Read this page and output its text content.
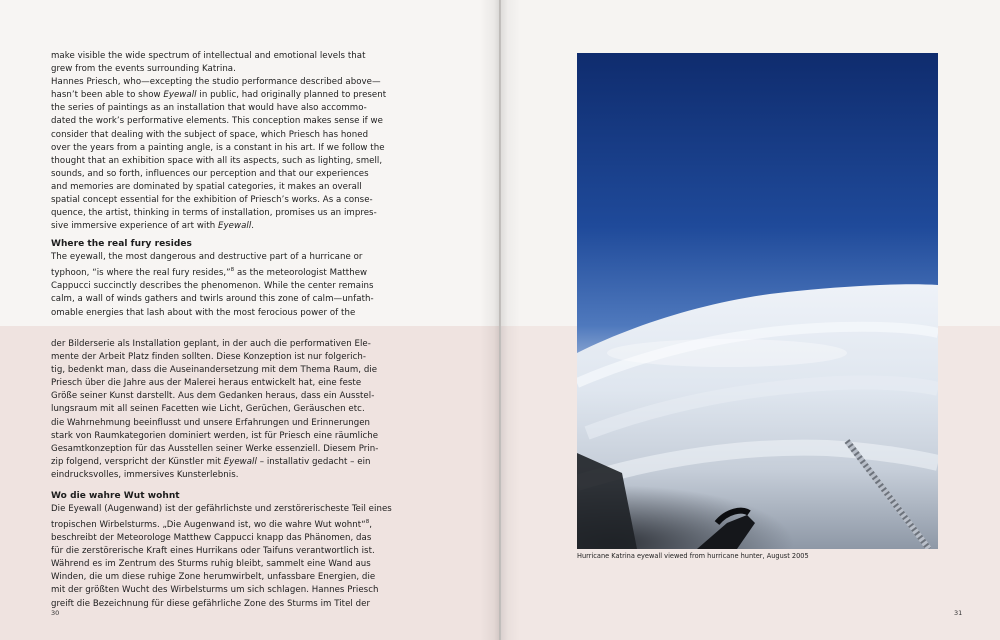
make visible the wide spectrum of intellectual and emotional levels that
grew from the events surrounding Katrina.

Hannes Priesch, who—excepting the studio performance described above—
hasn’t been able to show Eyewall in public, had originally planned to present
the series of paintings as an installation that would have also accommo-
dated the work’s performative elements. This conception makes sense if we
consider that dealing with the subject of space, which Priesch has honed
over the years from a painting angle, is a constant in his art. If we follow the
thought that an exhibition space with all its aspects, such as lighting, smell,
sounds, and so forth, influences our perception and that our experiences
and memories are dominated by spatial categories, it makes an overall
spatial concept essential for the exhibition of Priesch’s works. As a conse-
quence, the artist, thinking in terms of installation, promises us an impres-
sive immersive experience of art with Eyewall.

Where the real fury resides

The eyewall, the most dangerous and destructive part of a hurricane or
typhoon, “is where the real fury resides,”$^8$ as the meteorologist Matthew
Cappucci succinctly describes the phenomenon. While the center remains
calm, a wall of winds gathers and twirls around this zone of calm—unfath-
omable energies that lash about with the most ferocious power of the

der Bilderserie als Installation geplant, in der auch die performativen Ele-
mente der Arbeit Platz finden sollten. Diese Konzeption ist nur folgerich-
tig, bedenkt man, dass die Auseinandersetzung mit dem Thema Raum, die
Priesch über die Jahre aus der Malerei heraus entwickelt hat, eine feste
Größe seiner Kunst darstellt. Aus dem Gedanken heraus, dass ein Ausstel-
lungsraum mit all seinen Facetten wie Licht, Gerüchen, Geräuschen etc.
die Wahrnehmung beeinflusst und unsere Erfahrungen und Erinnerungen
stark von Raumkategorien dominiert werden, ist für Priesch eine räumliche
Gesamtkonzeption für das Ausstellen seiner Werke essenziell. Diesem Prin-
zip folgend, verspricht der Künstler mit Eyewall – installativ gedacht – ein
eindrucksvolles, immersives Kunsterlebnis.

Wo die wahre Wut wohnt

Die Eyewall (Augenwand) ist der gefährlichste und zerstörerischeste Teil eines
tropischen Wirbelsturms. „Die Augenwand ist, wo die wahre Wut wohnt“$^8$,
beschreibt der Meteorologe Matthew Cappucci knapp das Phänomen, das
für die zerstörerische Kraft eines Hurrikans oder Taifuns verantwortlich ist.
Während es im Zentrum des Sturms ruhig bleibt, sammelt eine Wand aus
Winden, die um diese ruhige Zone herumwirbelt, unfassbare Energien, die
mit der größten Wucht des Wirbelsturms um sich schlagen. Hannes Priesch
greift die Bezeichnung für diese gefährliche Zone des Sturms im Titel der

30
Hurricane Katrina eyewall viewed from hurricane hunter, August 2005
31
